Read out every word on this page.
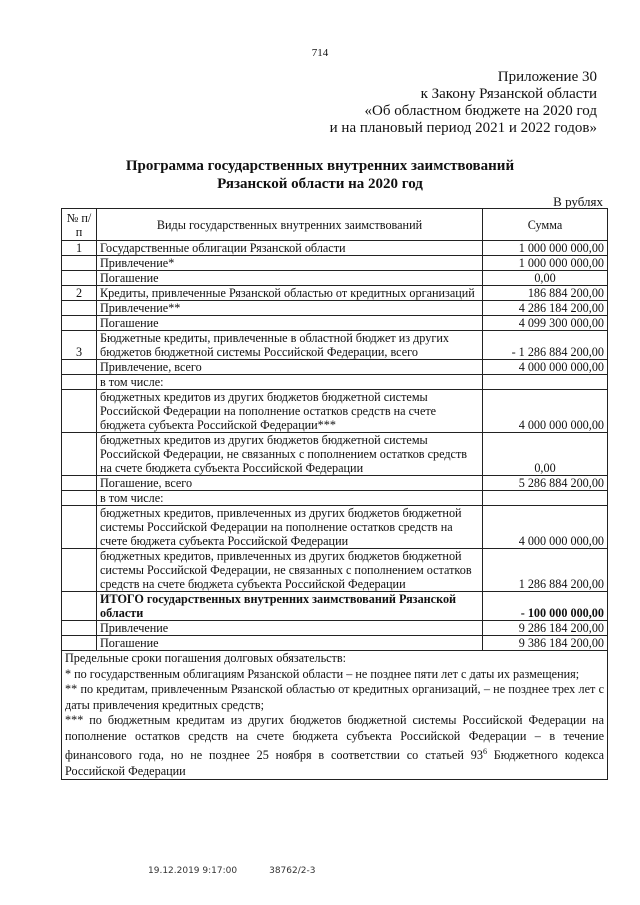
714
Приложение 30
к Закону Рязанской области
«Об областном бюджете на 2020 год
и на плановый период 2021 и 2022 годов»
Программа государственных внутренних заимствований
Рязанской области на 2020 год
В рублях
№ п/п	Виды государственных внутренних заимствований	Сумма
1	Государственные облигации Рязанской области	1 000 000 000,00
	Привлечение*	1 000 000 000,00
	Погашение	0,00
2	Кредиты, привлеченные Рязанской областью от кредитных организаций	186 884 200,00
	Привлечение**	4 286 184 200,00
	Погашение	4 099 300 000,00
3	Бюджетные кредиты, привлеченные в областной бюджет из других бюджетов бюджетной системы Российской Федерации, всего	- 1 286 884 200,00
	Привлечение, всего	4 000 000 000,00
	в том числе:	
	бюджетных кредитов из других бюджетов бюджетной системы Российской Федерации на пополнение остатков средств на счете бюджета субъекта Российской Федерации***	4 000 000 000,00
	бюджетных кредитов из других бюджетов бюджетной системы Российской Федерации, не связанных с пополнением остатков средств на счете бюджета субъекта Российской Федерации	0,00
	Погашение, всего	5 286 884 200,00
	в том числе:	
	бюджетных кредитов, привлеченных из других бюджетов бюджетной системы Российской Федерации на пополнение остатков средств на счете бюджета субъекта Российской Федерации	4 000 000 000,00
	бюджетных кредитов, привлеченных из других бюджетов бюджетной системы Российской Федерации, не связанных с пополнением остатков средств на счете бюджета субъекта Российской Федерации	1 286 884 200,00
	ИТОГО государственных внутренних заимствований Рязанской области	- 100 000 000,00
	Привлечение	9 286 184 200,00
	Погашение	9 386 184 200,00

Предельные сроки погашения долговых обязательств:
* по государственным облигациям Рязанской области – не позднее пяти лет с даты их размещения;
** по кредитам, привлеченным Рязанской областью от кредитных организаций, – не позднее трех лет с даты привлечения кредитных средств;
*** по бюджетным кредитам из других бюджетов бюджетной системы Российской Федерации на пополнение остатков средств на счете бюджета субъекта Российской Федерации – в течение финансового года, но не позднее 25 ноября в соответствии со статьей $93^6$ Бюджетного кодекса Российской Федерации		
19.12.2019 9:17:00	38762/2-3
